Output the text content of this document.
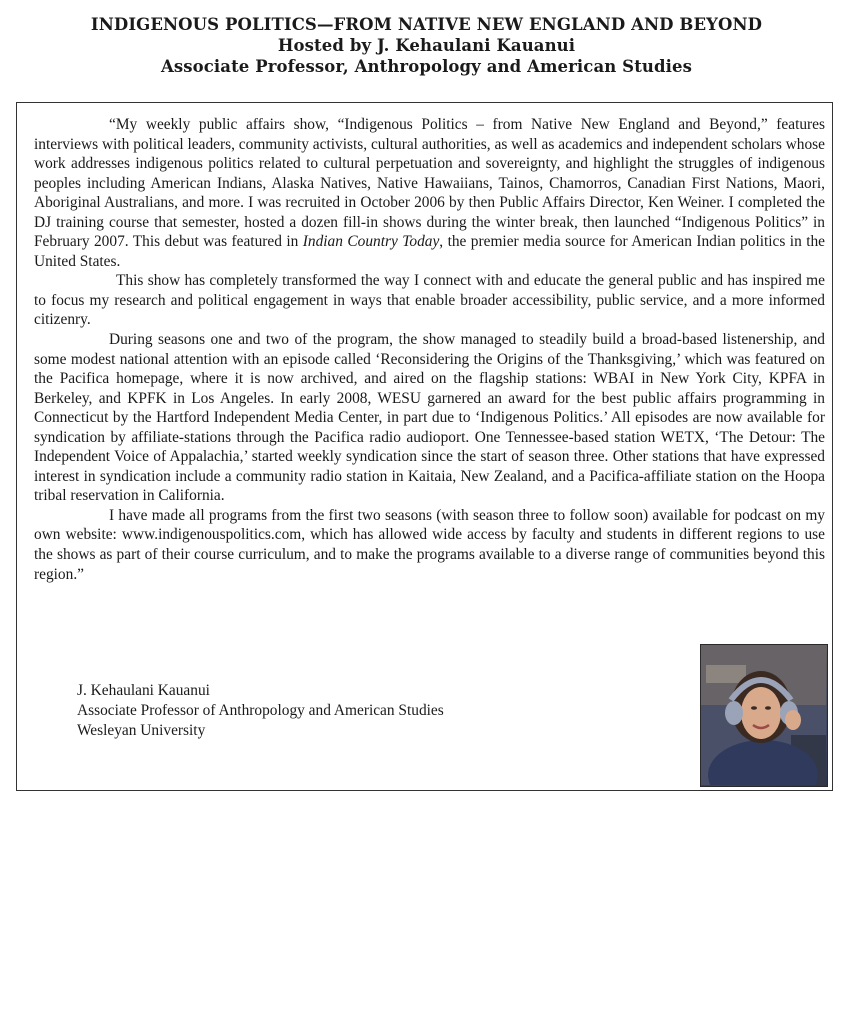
INDIGENOUS POLITICS—FROM NATIVE NEW ENGLAND AND BEYOND
Hosted by J. Kehaulani Kauanui
Associate Professor, Anthropology and American Studies

“My weekly public affairs show, “Indigenous Politics – from Native New England and Beyond,” features interviews with political leaders, community activists, cultural authorities, as well as academics and independent scholars whose work addresses indigenous politics related to cultural perpetuation and sovereignty, and highlight the struggles of indigenous peoples including American Indians, Alaska Natives, Native Hawaiians, Tainos, Chamorros, Canadian First Nations, Maori, Aboriginal Australians, and more. I was recruited in October 2006 by then Public Affairs Director, Ken Weiner. I completed the DJ training course that semester, hosted a dozen fill-in shows during the winter break, then launched “Indigenous Politics” in February 2007. This debut was featured in Indian Country Today, the premier media source for American Indian politics in the United States.

This show has completely transformed the way I connect with and educate the general public and has inspired me to focus my research and political engagement in ways that enable broader accessibility, public service, and a more informed citizenry.

During seasons one and two of the program, the show managed to steadily build a broad-based listenership, and some modest national attention with an episode called ‘Reconsidering the Origins of the Thanksgiving,’ which was featured on the Pacifica homepage, where it is now archived, and aired on the flagship stations: WBAI in New York City, KPFA in Berkeley, and KPFK in Los Angeles. In early 2008, WESU garnered an award for the best public affairs programming in Connecticut by the Hartford Independent Media Center, in part due to ‘Indigenous Politics.’ All episodes are now available for syndication by affiliate-stations through the Pacifica radio audioport. One Tennessee-based station WETX, ‘The Detour: The Independent Voice of Appalachia,’ started weekly syndication since the start of season three. Other stations that have expressed interest in syndication include a community radio station in Kaitaia, New Zealand, and a Pacifica-affiliate station on the Hoopa tribal reservation in California.

I have made all programs from the first two seasons (with season three to follow soon) available for podcast on my own website: www.indigenouspolitics.com, which has allowed wide access by faculty and students in different regions to use the shows as part of their course curriculum, and to make the programs available to a diverse range of communities beyond this region.”

J. Kehaulani Kauanui
Associate Professor of Anthropology and American Studies
Wesleyan University
